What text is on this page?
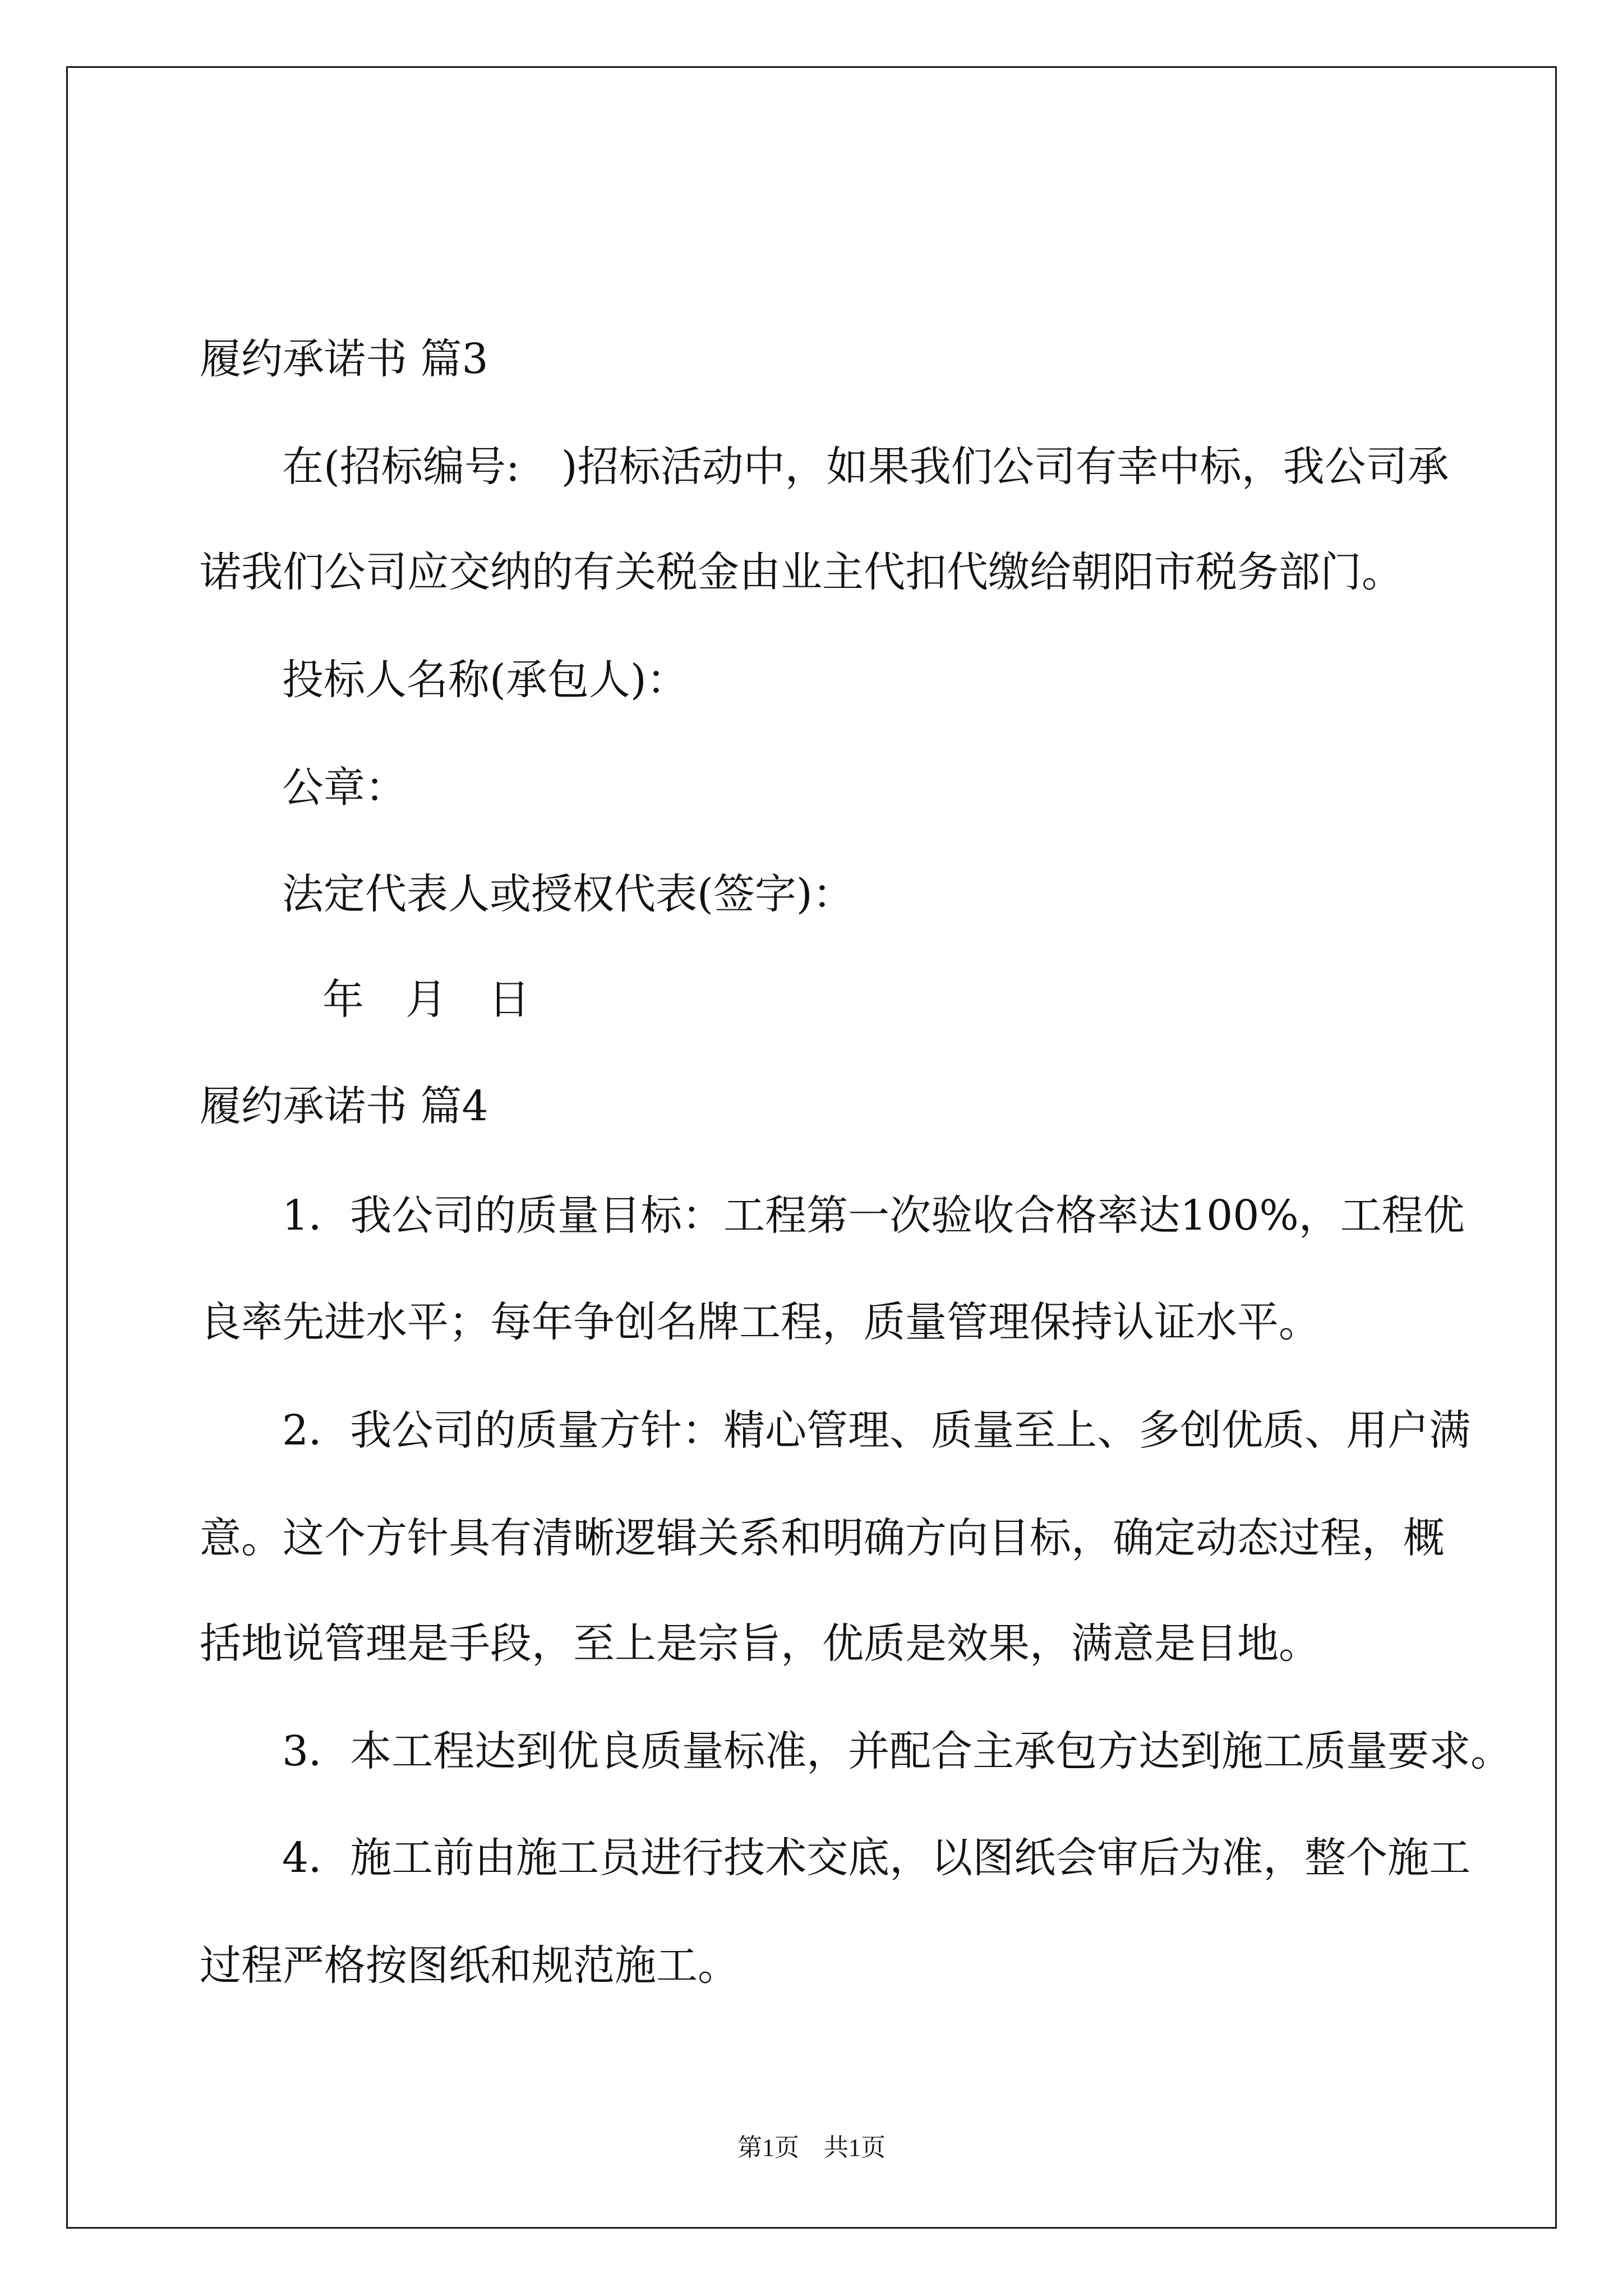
履约承诺书 篇3

在(招标编号:　)招标活动中，如果我们公司有幸中标，我公司承

诺我们公司应交纳的有关税金由业主代扣代缴给朝阳市税务部门。

投标人名称(承包人)：

公章：

法定代表人或授权代表(签字)：

年　月　日

履约承诺书 篇4

1．我公司的质量目标：工程第一次验收合格率达100%，工程优

良率先进水平；每年争创名牌工程，质量管理保持认证水平。

2．我公司的质量方针：精心管理、质量至上、多创优质、用户满

意。这个方针具有清晰逻辑关系和明确方向目标，确定动态过程，概

括地说管理是手段，至上是宗旨，优质是效果，满意是目地。

3．本工程达到优良质量标准，并配合主承包方达到施工质量要求。

4．施工前由施工员进行技术交底，以图纸会审后为准，整个施工

过程严格按图纸和规范施工。

第1页　共1页
